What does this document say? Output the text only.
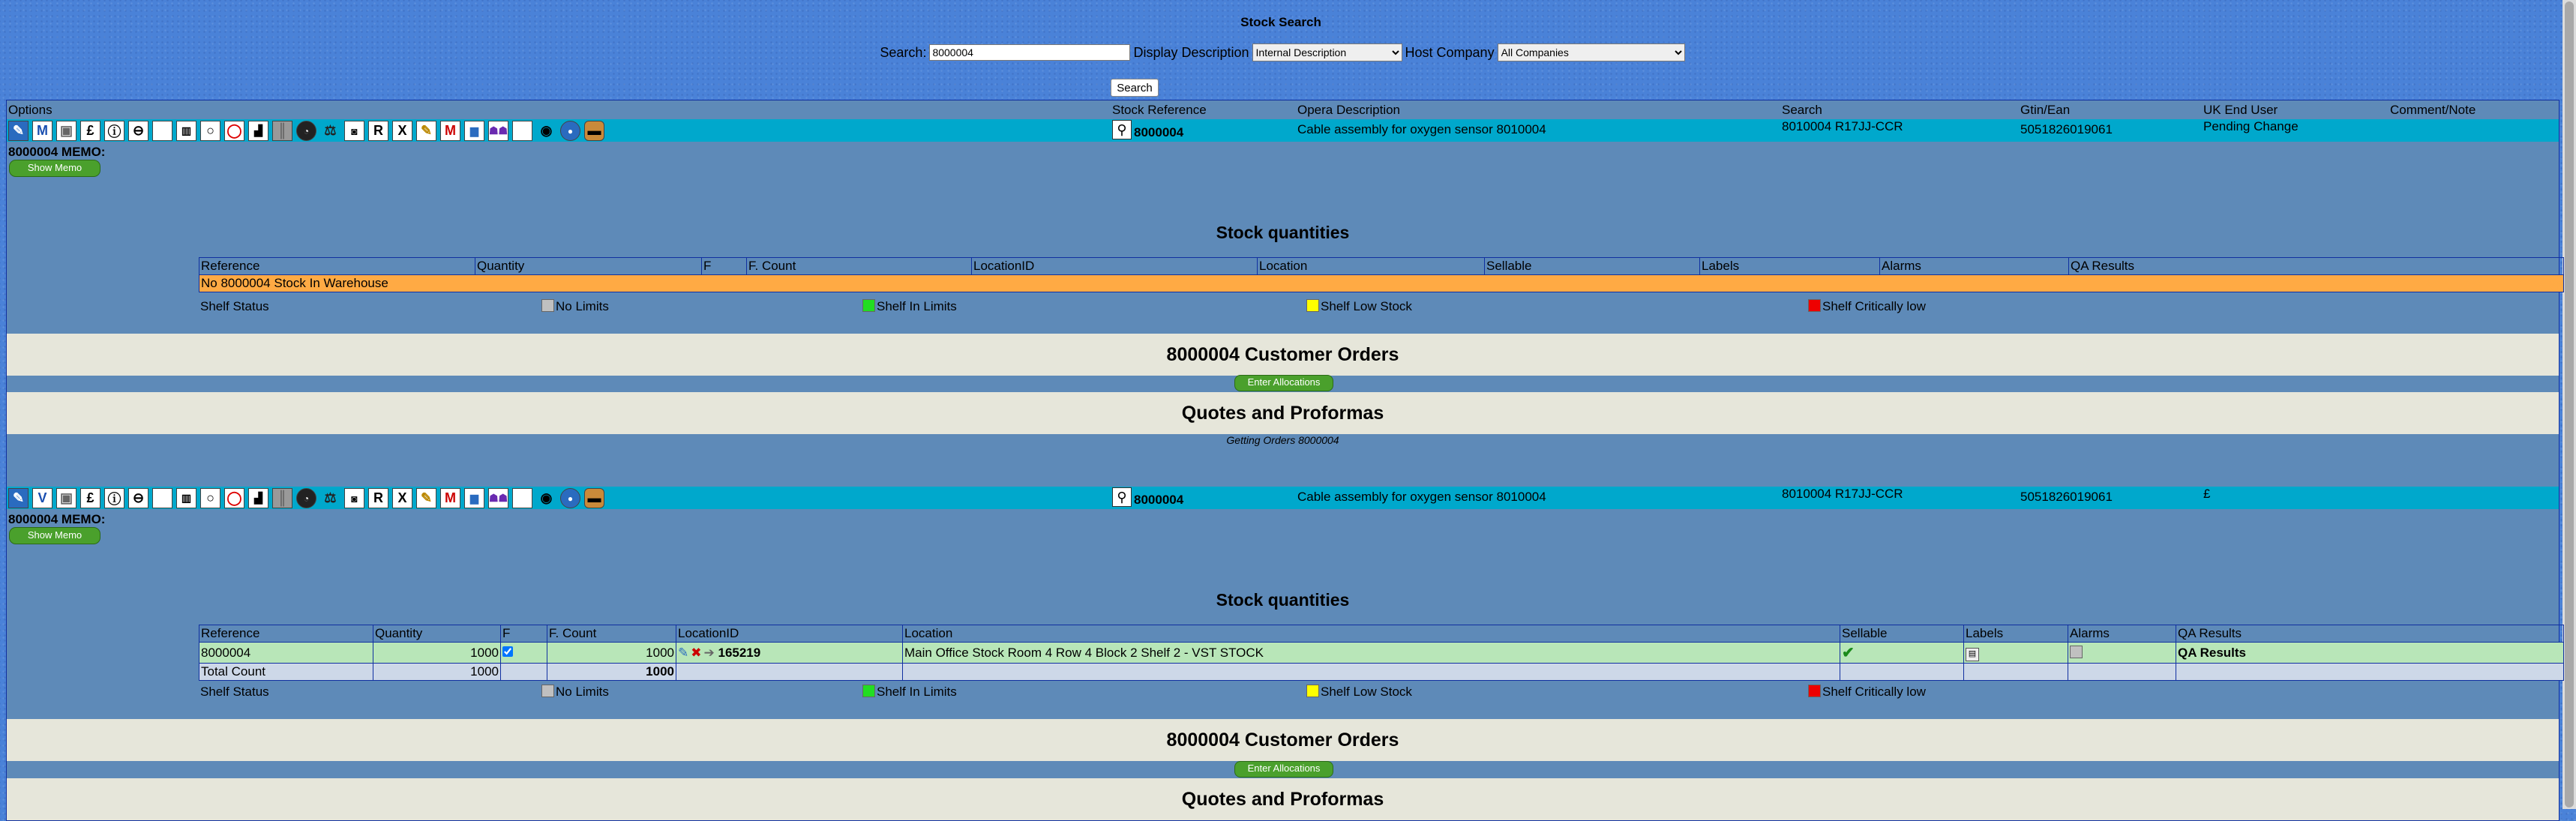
Stock Search
Search:8000004	Display Description
Internal Description	Host Company
All Companies
Search
Options	Stock Reference	Opera Description	Search	Gtin/Ean	UK End User	Comment/Note
✎ M ▣	£	ⓘ ⊖	▥	○ ◯	▟	║	◔	⚖	◙	R	X	✎ M	▆	☗☗	◉	●	▬	⚲ 8000004	Cable assembly for oxygen sensor 8010004	8010004 R17JJ-CCR	5051826019061	Pending Change
8000004 MEMO:
Show Memo
Stock quantities
Reference	Quantity	F	F. Count	LocationID	Location	Sellable	Labels	Alarms	QA Results
No 8000004 Stock In Warehouse
Shelf Status	No Limits	Shelf In Limits	Shelf Low Stock	Shelf Critically low
8000004 Customer Orders
Enter Allocations
Quotes and Proformas
Getting Orders 8000004
✎	V ▣	£	ⓘ ⊖	▥	○ ◯	▟	║	◔	⚖	◙	R	X	✎ M	▆	☗☗	◉	●	▬	⚲ 8000004	Cable assembly for oxygen sensor 8010004	8010004 R17JJ-CCR	5051826019061	£
8000004 MEMO:
Show Memo
Stock quantities
Reference	Quantity	F	F. Count	LocationID	Location	Sellable	Labels	Alarms	QA Results
8000004	1000		1000	✎ ✖ ➔ 165219	Main Office Stock Room 4 Row 4 Block 2 Shelf 2 - VST STOCK	✔	▤		QA Results
Total Count	1000		1000						
Shelf Status	No Limits	Shelf In Limits	Shelf Low Stock	Shelf Critically low
8000004 Customer Orders
Enter Allocations
Quotes and Proformas
